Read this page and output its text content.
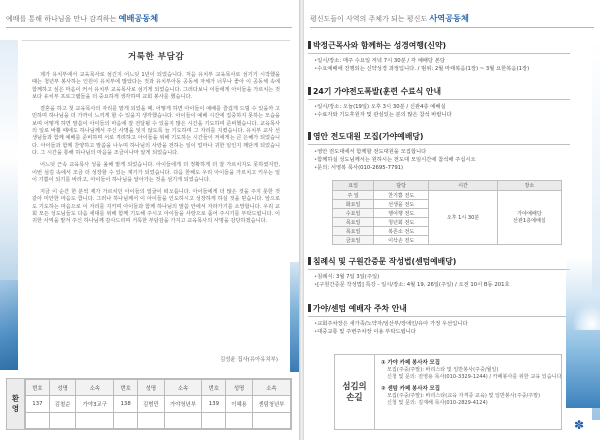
예배를 통해 하나님을 만나 감격하는 예배공동체
거룩한 부담감

제가 유치부에서 교육목사로 섬긴지 어느덧 1년이 되었습니다. 처음 유치부 교육목사로 섬기기 시작했을 때는 청년부 봉사하는 인원이 유치부에 많았다는 것과 유치부아동 공동체 자체가 너무나 좋아 이 공동체 속에 함께하고 싶은 마음이 커서 유치부 교육목사로 섬기게 되었습니다. 그러다보니 이들에게 아이들을 가르치는 것보다 유치부 프로그램들을 더 중요하게 생각하며 교회 봉사를 했습니다.

결혼을 하고 첫 교육목사의 자리를 맡게 되었을 때, 어떻게 하면 아이들이 예배를 즐겁게 드릴 수 있을까 고민하며 하나님을 더 가까이 느끼게 할 수 있을지 생각했습니다. 아이들이 예배 시간에 집중하지 못하는 모습을 보며 어떻게 하면 말씀이 아이들의 마음에 잘 전달될 수 있을지 많은 시간을 기도하며 준비했습니다. 교육목사의 일로 바쁠 때에도 하나님께서 주신 사명을 잊지 않도록 늘 기도하며 그 자리를 지켰습니다. 유치부 교사 선생님들과 함께 예배를 준비하며 서로 격려하고 아이들을 위해 기도하는 시간들이 저에게는 큰 은혜가 되었습니다. 아이들과 함께 찬양하고 말씀을 나누며 하나님의 사랑을 전하는 일이 얼마나 귀한 일인지 깨닫게 되었습니다. 그 시간을 통해 하나님의 마음을 조금이나마 알게 되었습니다.

어느덧 근속 교육목사 성을 올해 맡게 되었습니다. 아이들에게 더 정확하게 더 잘 가르치지도 못하였지만, 이번 섬김 속에서 조금 더 성장할 수 있는 계기가 되었습니다. 다음 한해도 우리 아이들을 가르치고 키우는 일이 기쁨이 되기를 바라고, 아이들이 하나님을 알아가는 것을 섬기게 되었습니다.

지금 이 순간 한 분씩 제가 가르치던 아이들의 얼굴이 떠오릅니다. 아이들에게 더 많은 것을 주지 못한 것 같아 미안한 마음도 큽니다. 그러나 하나님께서 이 아이들을 인도하시고 성장하게 하실 것을 믿습니다. 앞으로도 기도하는 마음으로 이 자리를 지키며 아이들과 함께 하나님의 말씀 안에서 자라가기를 소망합니다. 우리 교회 모든 성도님들도 다음 세대를 위해 함께 기도해 주시고 아이들을 사랑으로 품어 주시기를 부탁드립니다. 이 귀한 사역을 맡겨 주신 하나님께 감사드리며 거룩한 부담감을 가지고 교육목사의 사명을 감당하겠습니다.

김성윤 집사(유아유치부)
환
영
번호	성명	소속	번호	성명	소속	번호	성명	소속
137	김철순	가야3교구	138	김범민	가야청년부	139	이혜용	센텀청년부

평신도들이 사역의 주체가 되는 평신도 사역공동체
박정근목사와 함께하는 성경여행(신약)
• 일시/장소: 매주 수요일 저녁 7시 30분 / 각 예배당 본당
• 수요예배에 진행되는 신약성경 과정입니다. / 범위: 2월 마태복음(1장) ~ 3월 요한복음(1장)
24기 가야전도폭발(훈련 수료식 안내
• 일시/장소: 오늘(19일) 오후 3시 30분 / 신관4층 예배실
• 수료자와 기도후원자 및 관심있는 분의 많은 참석 바랍니다
영안 전도대원 모집(가야예배당)
• 영안 전도대에서 함께할 전도대원을 모집합니다
• 함께하실 성도님께서는 원하시는 전도대 모임시간에 참석해 주십시오
• 문의: 서영복 목사(010-2695-7791)
요일	담당	시간	장소
주 일	찬기쁨 전도	오후 1시 30분	가야예배당
선관1층예배실
화요일	선생을 전도		
수요일	행어행 전도		
목요일	청년회 전도		
목요일	복존소 전도		
금요일	이삭손 전도		
침례식 및 구원간증문 작성법(센텀예배당)
• 침례식: 3월 7일 3일(주일)
• [구원간증문 작성법] 특강 - 일시/장소: 4월 19, 26일(주일) / 오전 10시 B동 201호
가야/센텀 예배자 주차 안내
• 교회주차장은 새가족/노약자/임산부/장애인/유아 가정 우선입니다
• 대중교통 및 주변주차장 이용 부탁드립니다
섬김의
손길
① 가야 카페 봉사자 모집
모집(주중/주말): 바리스타 및 일반봉사(주중/월일)
신청 및 문의: 전영용 목사(010-3329-1244) / 카페봉사를 위한 교육 있습니다
② 센텀 카페 봉사자 모집
모집(주중/주말): 바리스타(교육 자격증 교육) 및 일반봉사(주중/주말)
신청 및 문의: 김재해 목사(010-2829-4124)
✽
